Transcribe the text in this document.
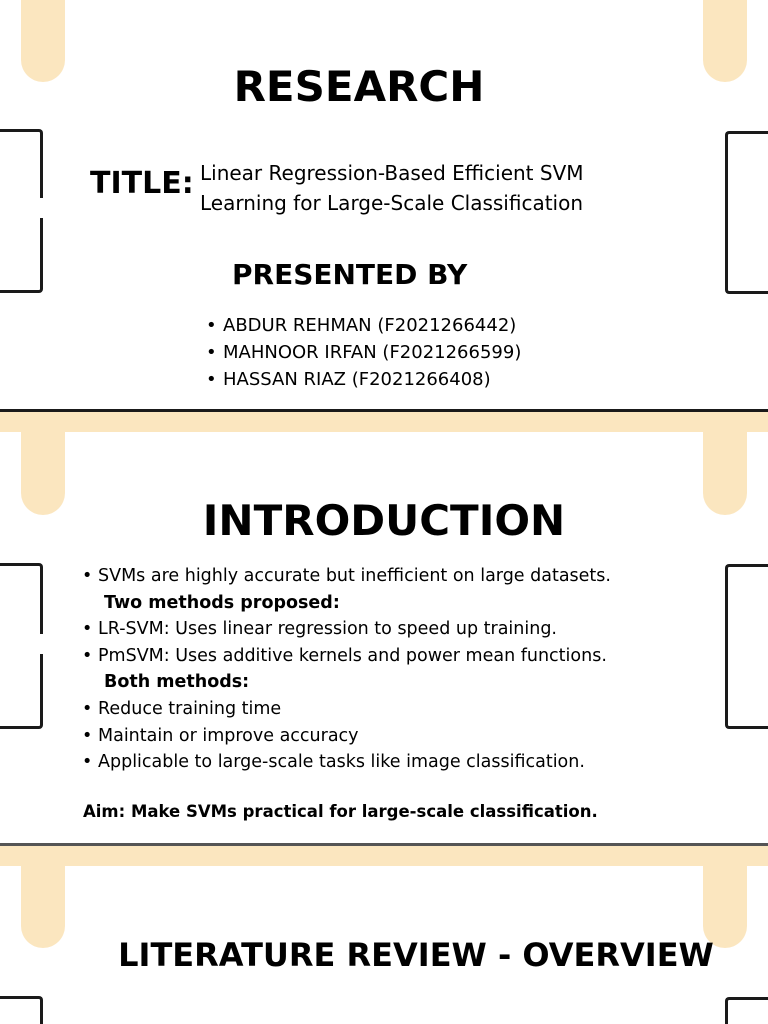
RESEARCH

TITLE: Linear Regression-Based Efficient SVM
Learning for Large-Scale Classification

PRESENTED BY

• ABDUR REHMAN (F2021266442)
• MAHNOOR IRFAN (F2021266599)
• HASSAN RIAZ (F2021266408)
INTRODUCTION
• SVMs are highly accurate but inefficient on large datasets.
Two methods proposed:
• LR-SVM: Uses linear regression to speed up training.
• PmSVM: Uses additive kernels and power mean functions.
Both methods:
• Reduce training time
• Maintain or improve accuracy
• Applicable to large-scale tasks like image classification.

Aim: Make SVMs practical for large-scale classification.

LITERATURE REVIEW - OVERVIEW
